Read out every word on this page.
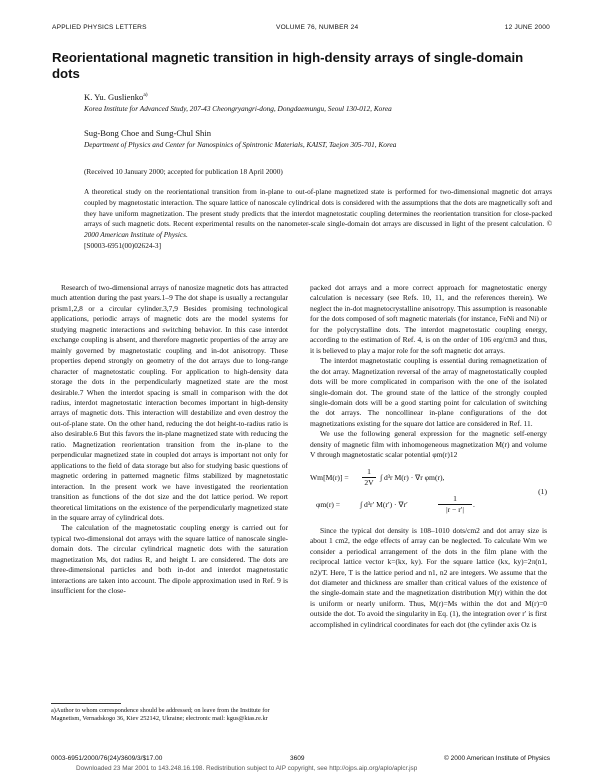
APPLIED PHYSICS LETTERS	VOLUME 76, NUMBER 24	12 JUNE 2000
Reorientational magnetic transition in high-density arrays of single-domain dots
K. Yu. Guslienko$^{a)}$
Korea Institute for Advanced Study, 207-43 Cheongryangri-dong, Dongdaemungu, Seoul 130-012, Korea
Sug-Bong Choe and Sung-Chul Shin
Department of Physics and Center for Nanospinics of Spintronic Materials, KAIST, Taejon 305-701, Korea
(Received 10 January 2000; accepted for publication 18 April 2000)

A theoretical study on the reorientational transition from in-plane to out-of-plane magnetized state is performed for two-dimensional magnetic dot arrays coupled by magnetostatic interaction. The square lattice of nanoscale cylindrical dots is considered with the assumptions that the dots are magnetically soft and they have uniform magnetization. The present study predicts that the interdot magnetostatic coupling determines the reorientation transition for close-packed arrays of such magnetic dots. Recent experimental results on the nanometer-scale single-domain dot arrays are discussed in light of the present calculation. © 2000 American Institute of Physics.
[S0003-6951(00)02624-3]

Research of two-dimensional arrays of nanosize magnetic dots has attracted much attention during the past years.1–9 The dot shape is usually a rectangular prism1,2,8 or a circular cylinder.3,7,9 Besides promising technological applications, periodic arrays of magnetic dots are the model systems for studying magnetic interactions and switching behavior. In this case interdot exchange coupling is absent, and therefore magnetic properties of the array are mainly governed by magnetostatic coupling and in-dot anisotropy. These properties depend strongly on geometry of the dot arrays due to long-range character of magnetostatic coupling. For application to high-density data storage the dots in the perpendicularly magnetized state are the most desirable.7 When the interdot spacing is small in comparison with the dot radius, interdot magnetostatic interaction becomes important in high-density arrays of magnetic dots. This interaction will destabilize and even destroy the out-of-plane state. On the other hand, reducing the dot height-to-radius ratio is also desirable.6 But this favors the in-plane magnetized state with reducing the ratio. Magnetization reorientation transition from the in-plane to the perpendicular magnetized state in coupled dot arrays is important not only for applications to the field of data storage but also for studying basic questions of magnetic ordering in patterned magnetic films stabilized by magnetostatic interaction. In the present work we have investigated the reorientation transition as functions of the dot size and the dot lattice period. We report theoretical limitations on the existence of the perpendicularly magnetized state in the square array of cylindrical dots.

The calculation of the magnetostatic coupling energy is carried out for typical two-dimensional dot arrays with the square lattice of nanoscale single-domain dots. The circular cylindrical magnetic dots with the saturation magnetization Ms, dot radius R, and height L are considered. The dots are three-dimensional particles and both in-dot and interdot magnetostatic interactions are taken into account. The dipole approximation used in Ref. 9 is insufficient for the close-

packed dot arrays and a more correct approach for magnetostatic energy calculation is necessary (see Refs. 10, 11, and the references therein). We neglect the in-dot magnetocrystalline anisotropy. This assumption is reasonable for the dots composed of soft magnetic materials (for instance, FeNi and Ni) or for the polycrystalline dots. The interdot magnetostatic coupling energy, according to the estimation of Ref. 4, is on the order of 106 erg/cm3 and thus, it is believed to play a major role for the soft magnetic dot arrays.

The interdot magnetostatic coupling is essential during remagnetization of the dot array. Magnetization reversal of the array of magnetostatically coupled dots will be more complicated in comparison with the one of the isolated single-domain dot. The ground state of the lattice of the strongly coupled single-domain dots will be a good starting point for calculation of switching the dot arrays. The noncollinear in-plane configurations of the dot magnetizations existing for the square dot lattice are considered in Ref. 11.

We use the following general expression for the magnetic self-energy density of magnetic film with inhomogeneous magnetization M(r) and volume V through magnetostatic scalar potential φm(r)12

Wm[M(r)] =
1
2V
∫ d³r M(r) · ∇r φm(r),
φm(r) =	∫ d³r′ M(r′) · ∇r′
1
|r − r′|
.
(1)

Since the typical dot density is 108–1010 dots/cm2 and dot array size is about 1 cm2, the edge effects of array can be neglected. To calculate Wm we consider a periodical arrangement of the dots in the film plane with the reciprocal lattice vector k=(kx, ky). For the square lattice (kx, ky)=2π(n1, n2)/T. Here, T is the lattice period and n1, n2 are integers. We assume that the dot diameter and thickness are smaller than critical values of the existence of the single-domain state and the magnetization distribution M(r) within the dot is uniform or nearly uniform. Thus, M(r)=Ms within the dot and M(r)=0 outside the dot. To avoid the singularity in Eq. (1), the integration over r′ is first accomplished in cylindrical coordinates for each dot (the cylinder axis Oz is

a)Author to whom correspondence should be addressed; on leave from the Institute for Magnetism, Vernadskogo 36, Kiev 252142, Ukraine; electronic mail: kgus@kias.re.kr

0003-6951/2000/76(24)/3609/3/$17.00	3609	© 2000 American Institute of Physics
Downloaded 23 Mar 2001 to 143.248.16.198. Redistribution subject to AIP copyright, see http://ojps.aip.org/aplo/aplcr.jsp
